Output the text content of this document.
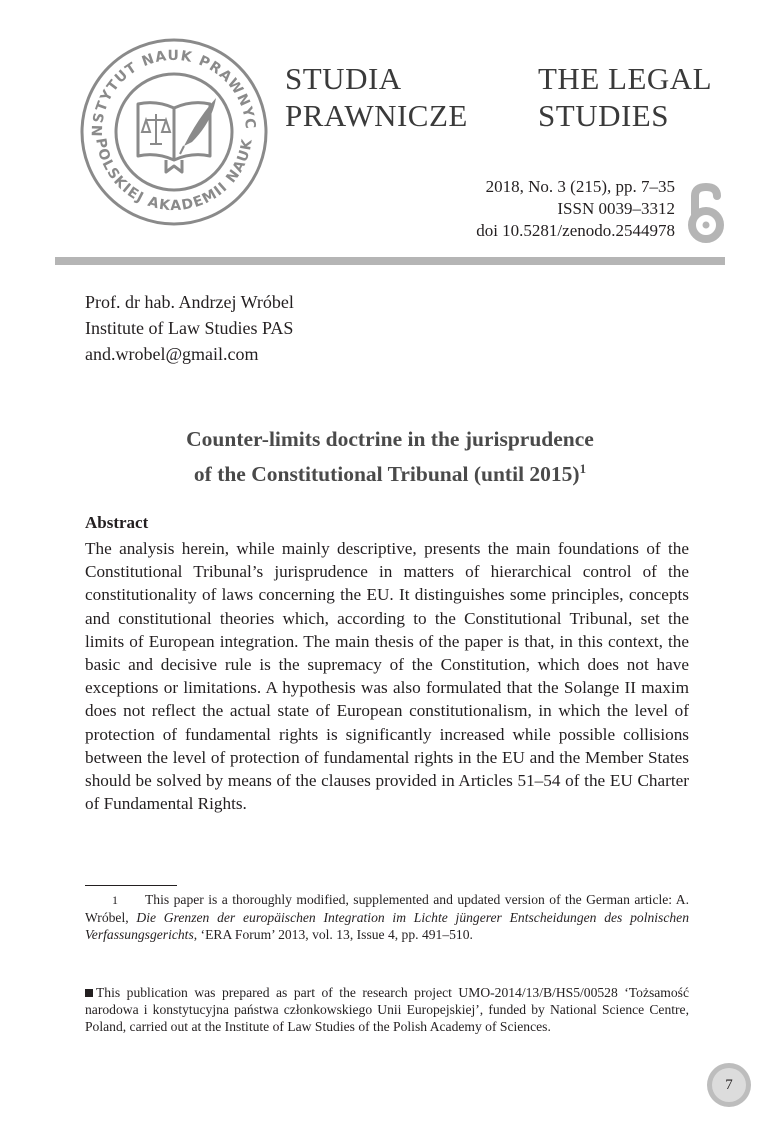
NSTYTUT NAUK PRAWNYC
POLSKIEJ AKADEMII NAUK
STUDIA
PRAWNICZE
THE LEGAL
STUDIES
2018, No. 3 (215), pp. 7–35
ISSN 0039–3312
doi 10.5281/zenodo.2544978
Prof. dr hab. Andrzej Wróbel
Institute of Law Studies PAS
and.wrobel@gmail.com
Counter-limits doctrine in the jurisprudence
of the Constitutional Tribunal (until 2015)$^1$
Abstract
The analysis herein, while mainly descriptive, presents the main foundations of the Constitutional Tribunal’s jurisprudence in matters of hierarchical control of the constitutionality of laws concerning the EU. It distinguishes some principles, concepts and constitutional theories which, according to the Constitutional Tribunal, set the limits of European integration. The main thesis of the paper is that, in this context, the basic and decisive rule is the supremacy of the Constitution, which does not have exceptions or limitations. A hypothesis was also formulated that the Solange II maxim does not reflect the actual state of European constitutionalism, in which the level of protection of fundamental rights is significantly increased while possible collisions between the level of protection of fundamental rights in the EU and the Member States should be solved by means of the clauses provided in Articles 51–54 of the EU Charter of Fundamental Rights.
1 This paper is a thoroughly modified, supplemented and updated version of the German article: A. Wróbel, Die Grenzen der europäischen Integration im Lichte jüngerer Entscheidungen des polnischen Verfassungsgerichts, ‘ERA Forum’ 2013, vol. 13, Issue 4, pp. 491–510.
This publication was prepared as part of the research project UMO-2014/13/B/HS5/00528 ‘Tożsamość narodowa i konstytucyjna państwa członkowskiego Unii Europejskiej’, funded by National Science Centre, Poland, carried out at the Institute of Law Studies of the Polish Academy of Sciences.
7
